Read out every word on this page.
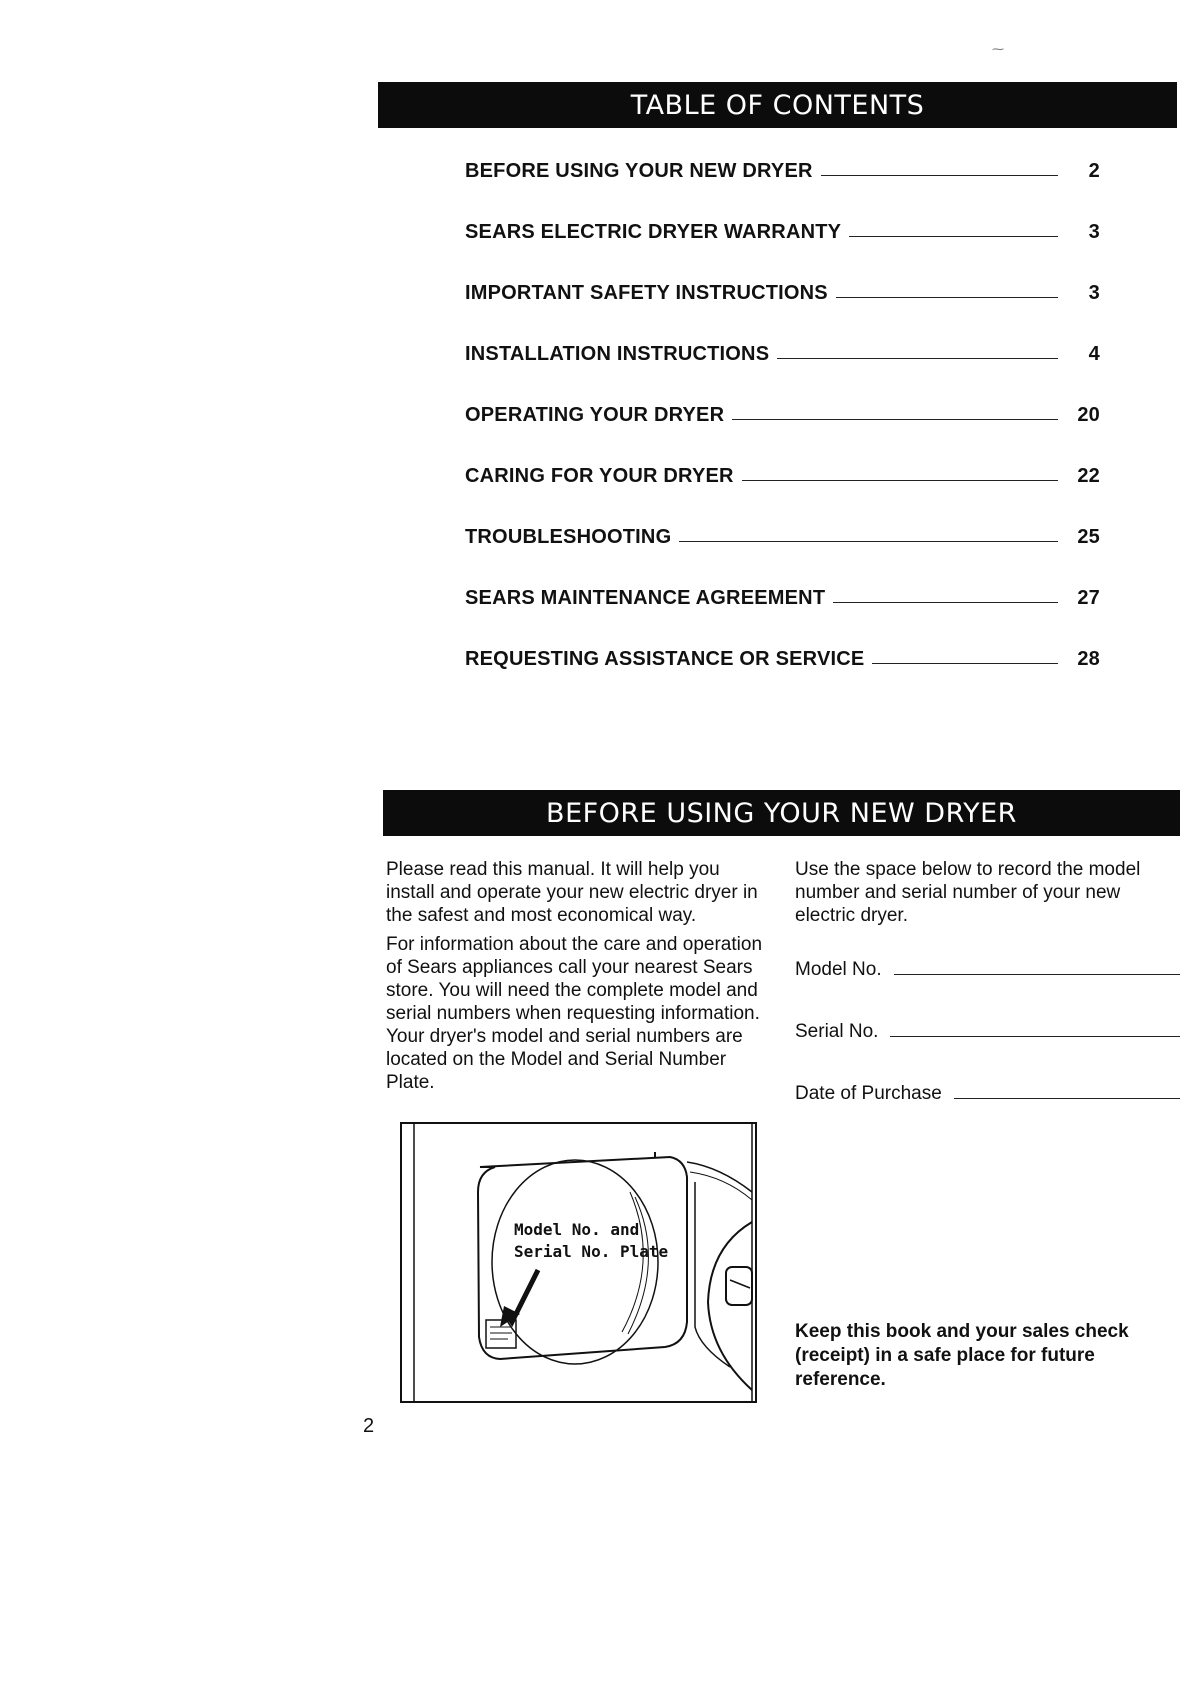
⁓
TABLE OF CONTENTS
BEFORE USING YOUR NEW DRYER	2
SEARS ELECTRIC DRYER WARRANTY	3
IMPORTANT SAFETY INSTRUCTIONS	3
INSTALLATION INSTRUCTIONS	4
OPERATING YOUR DRYER	20
CARING FOR YOUR DRYER	22
TROUBLESHOOTING	25
SEARS MAINTENANCE AGREEMENT	27
REQUESTING ASSISTANCE OR SERVICE	28
BEFORE USING YOUR NEW DRYER

Please read this manual. It will help you install and operate your new electric dryer in the safest and most economical way.

For information about the care and operation of Sears appliances call your nearest Sears store. You will need the complete model and serial numbers when requesting information. Your dryer's model and serial numbers are located on the Model and Serial Number Plate.

Use the space below to record the model number and serial number of your new electric dryer.

Model No.
Serial No.
Date of Purchase
Model No. and
Serial No. Plate
Keep this book and your sales check (receipt) in a safe place for future reference.
2
